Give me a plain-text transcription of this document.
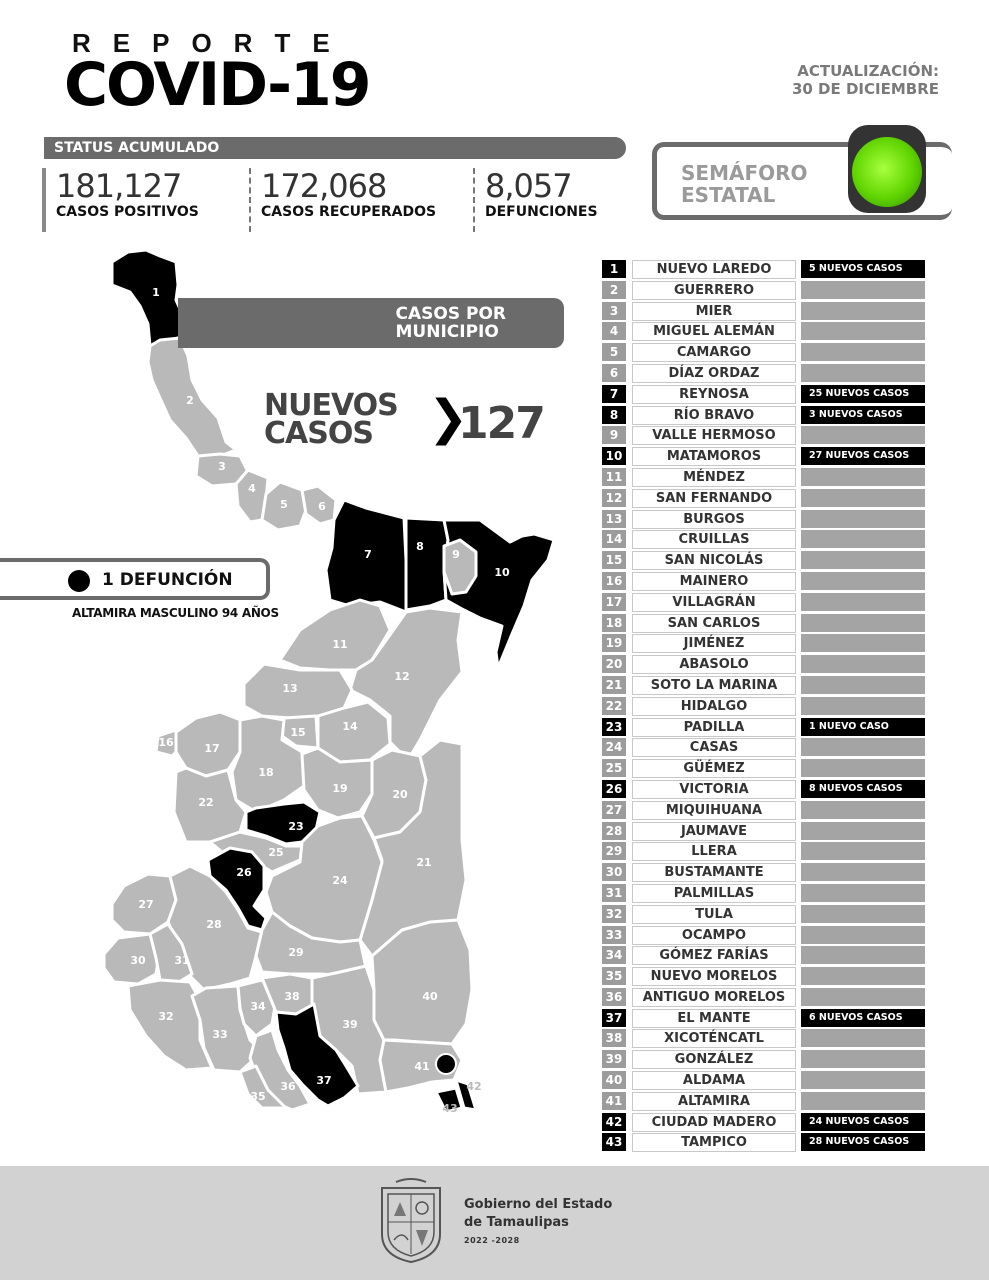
REPORTE
COVID-19	ACTUALIZACIÓN:
30 DE DICIEMBRE
STATUS ACUMULADO
181,127
CASOS POSITIVOS
172,068
CASOS RECUPERADOS
8,057
DEFUNCIONES
SEMÁFORO
ESTATAL
1
2
3
4
5	6
7
8
9
10
11
12
13
14
15
16	17
18
19	20
21
22
23
24
25
26
27
28
29
30	31
32
33
34
35
36 37
38
39
40
41
42
43
CASOS POR
MUNICIPIO
NUEVOS
CASOS	❯
127
1 DEFUNCIÓN
ALTAMIRA MASCULINO 94 AÑOS
1	NUEVO LAREDO	5 NUEVOS CASOS
2	GUERRERO
3	MIER
4	MIGUEL ALEMÁN
5	CAMARGO
6	DÍAZ ORDAZ
7	REYNOSA	25 NUEVOS CASOS
8	RÍO BRAVO	3 NUEVOS CASOS
9	VALLE HERMOSO
10	MATAMOROS	27 NUEVOS CASOS
11	MÉNDEZ
12	SAN FERNANDO
13	BURGOS
14	CRUILLAS
15	SAN NICOLÁS
16	MAINERO
17	VILLAGRÁN
18	SAN CARLOS
19	JIMÉNEZ
20	ABASOLO
21	SOTO LA MARINA
22	HIDALGO
23	PADILLA	1 NUEVO CASO
24	CASAS
25	GÜÉMEZ
26	VICTORIA	8 NUEVOS CASOS
27	MIQUIHUANA
28	JAUMAVE
29	LLERA
30	BUSTAMANTE
31	PALMILLAS
32	TULA
33	OCAMPO
34	GÓMEZ FARÍAS
35	NUEVO MORELOS
36	ANTIGUO MORELOS
37	EL MANTE	6 NUEVOS CASOS
38	XICOTÉNCATL
39	GONZÁLEZ
40	ALDAMA
41	ALTAMIRA
42	CIUDAD MADERO	24 NUEVOS CASOS
43	TAMPICO	28 NUEVOS CASOS
Gobierno del Estado
de Tamaulipas
2022 -2028
